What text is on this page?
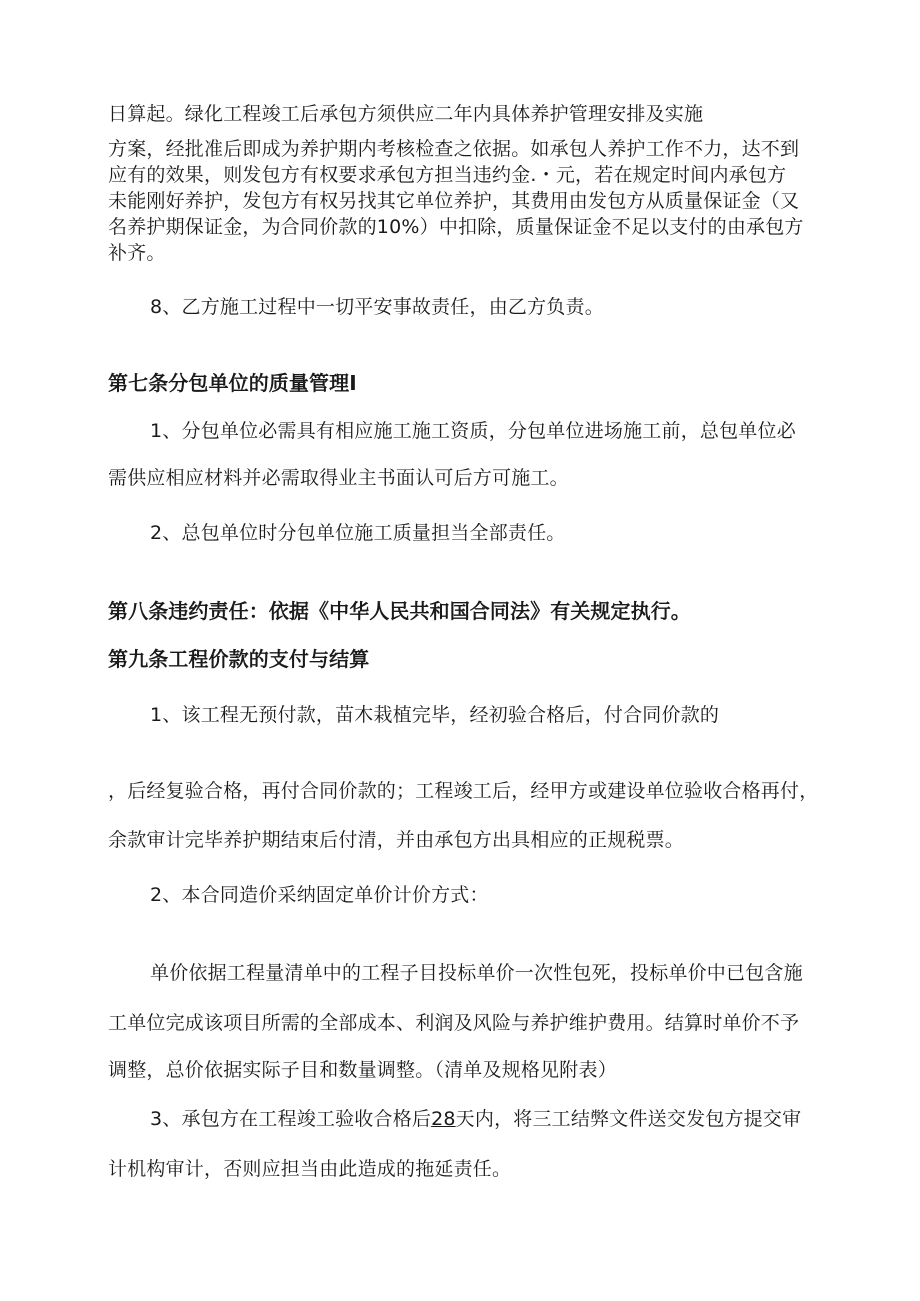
日算起。绿化工程竣工后承包方须供应二年内具体养护管理安排及实施
方案，经批准后即成为养护期内考核检查之依据。如承包人养护工作不力，达不到
应有的效果，则发包方有权要求承包方担当违约金.・元，若在规定时间内承包方
未能刚好养护，发包方有权另找其它单位养护，其费用由发包方从质量保证金（又
名养护期保证金，为合同价款的10%）中扣除，质量保证金不足以支付的由承包方
补齐。
8、乙方施工过程中一切平安事故责任，由乙方负责。
第七条分包单位的质量管理I
1、分包单位必需具有相应施工施工资质，分包单位进场施工前，总包单位必
需供应相应材料并必需取得业主书面认可后方可施工。
2、总包单位时分包单位施工质量担当全部责任。
第八条违约责任：依据《中华人民共和国合同法》有关规定执行。
第九条工程价款的支付与结算
1、该工程无预付款，苗木栽植完毕，经初验合格后，付合同价款的
，后经复验合格，再付合同价款的；工程竣工后，经甲方或建设单位验收合格再付，
余款审计完毕养护期结束后付清，并由承包方出具相应的正规税票。
2、本合同造价采纳固定单价计价方式：
单价依据工程量清单中的工程子目投标单价一次性包死，投标单价中已包含施
工单位完成该项目所需的全部成本、利润及风险与养护维护费用。结算时单价不予
调整，总价依据实际子目和数量调整。（清单及规格见附表）
3、承包方在工程竣工验收合格后28天内，将三工结弊文件送交发包方提交审
计机构审计，否则应担当由此造成的拖延责任。
